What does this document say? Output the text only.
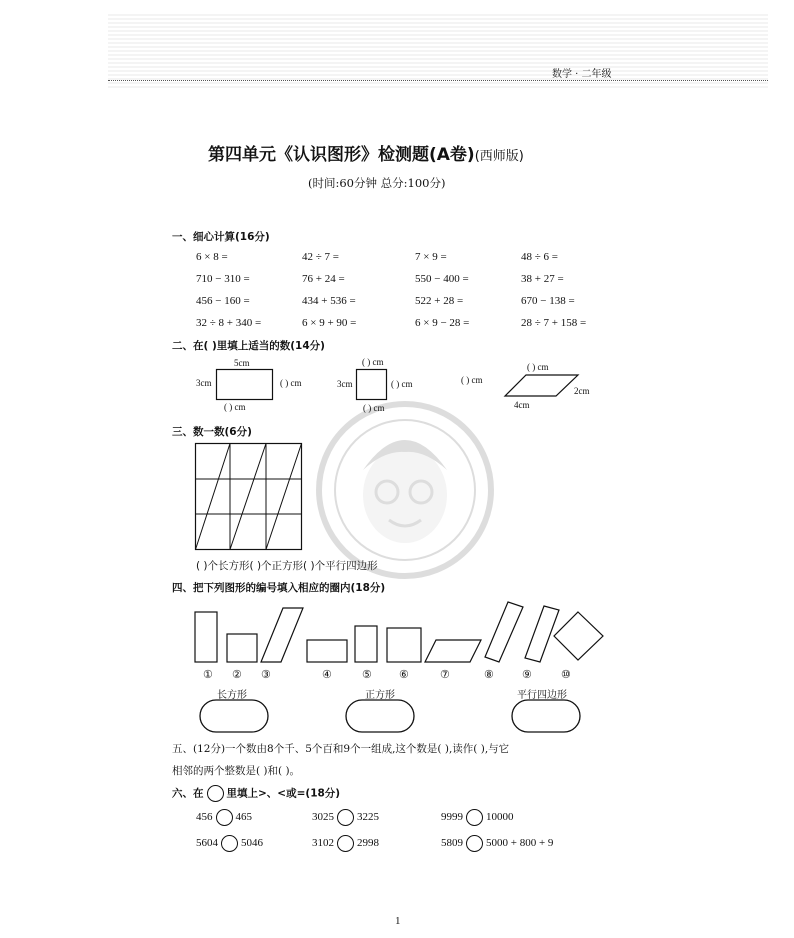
数学 · 二年级
第四单元《认识图形》检测题(A卷)(西师版)
(时间:60分钟 总分:100分)
一、细心计算(16分)
6 × 8 =	42 ÷ 7 =	7 × 9 =	48 ÷ 6 =
710 − 310 =	76 + 24 =	550 − 400 =	38 + 27 =
456 − 160 =	434 + 536 =	522 + 28 =	670 − 138 =
32 ÷ 8 + 340 =	6 × 9 + 90 =	6 × 9 − 28 =	28 ÷ 7 + 158 =
二、在( )里填上适当的数(14分)
5cm
3cm	( ) cm
( ) cm
( ) cm
3cm	( ) cm
( ) cm
( ) cm
( ) cm
2cm
4cm
三、数一数(6分)
( )个长方形( )个正方形( )个平行四边形
四、把下列图形的编号填入相应的圈内(18分)
① ② ③	④	⑤ ⑥	⑦	⑧	⑨	⑩
长方形	正方形	平行四边形
五、(12分)一个数由8个千、5个百和9个一组成,这个数是( ),读作( ),与它
相邻的两个整数是( )和( )。
六、在 里填上>、<或=(18分)
456 465	3025 3225	9999 10000
5604 5046	3102 2998	5809 5000 + 800 + 9
1
